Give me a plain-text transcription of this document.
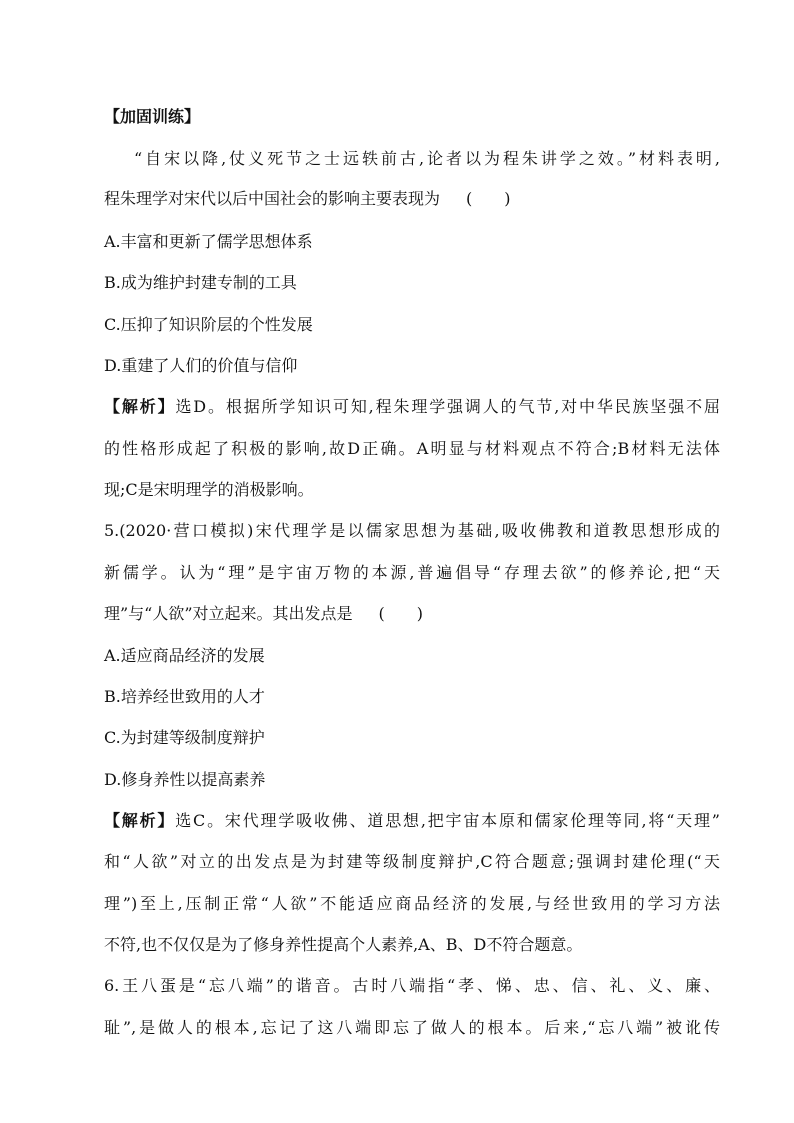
【加固训练】
“自宋以降,仗义死节之士远轶前古,论者以为程朱讲学之效。”材料表明,
程朱理学对宋代以后中国社会的影响主要表现为 (　　)
A.丰富和更新了儒学思想体系
B.成为维护封建专制的工具
C.压抑了知识阶层的个性发展
D.重建了人们的价值与信仰
【解析】选D。根据所学知识可知,程朱理学强调人的气节,对中华民族坚强不屈
的性格形成起了积极的影响,故D正确。A明显与材料观点不符合;B材料无法体
现;C是宋明理学的消极影响。
5.(2020·营口模拟)宋代理学是以儒家思想为基础,吸收佛教和道教思想形成的
新儒学。认为“理”是宇宙万物的本源,普遍倡导“存理去欲”的修养论,把“天
理”与“人欲”对立起来。其出发点是 (　　)
A.适应商品经济的发展
B.培养经世致用的人才
C.为封建等级制度辩护
D.修身养性以提高素养
【解析】选C。宋代理学吸收佛、道思想,把宇宙本原和儒家伦理等同,将“天理”
和“人欲”对立的出发点是为封建等级制度辩护,C符合题意;强调封建伦理(“天
理”)至上,压制正常“人欲”不能适应商品经济的发展,与经世致用的学习方法
不符,也不仅仅是为了修身养性提高个人素养,A、B、D不符合题意。
6.王八蛋是“忘八端”的谐音。古时八端指“孝、悌、忠、信、礼、义、廉、
耻”,是做人的根本,忘记了这八端即忘了做人的根本。后来,“忘八端”被讹传
